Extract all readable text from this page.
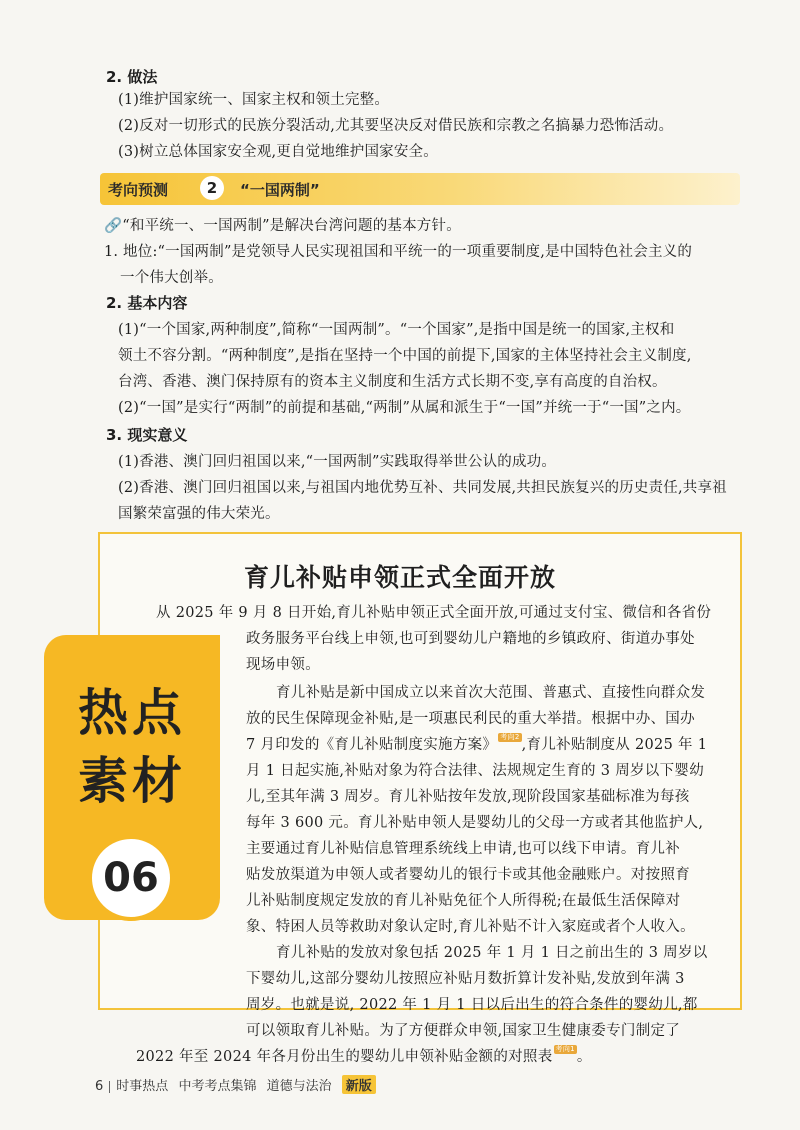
2. 做法
(1)维护国家统一、国家主权和领土完整。
(2)反对一切形式的民族分裂活动,尤其要坚决反对借民族和宗教之名搞暴力恐怖活动。
(3)树立总体国家安全观,更自觉地维护国家安全。
考向预测	2	“一国两制”
🔗“和平统一、一国两制”是解决台湾问题的基本方针。
1. 地位:“一国两制”是党领导人民实现祖国和平统一的一项重要制度,是中国特色社会主义的
一个伟大创举。
2. 基本内容
(1)“一个国家,两种制度”,简称“一国两制”。“一个国家”,是指中国是统一的国家,主权和
领土不容分割。“两种制度”,是指在坚持一个中国的前提下,国家的主体坚持社会主义制度,
台湾、香港、澳门保持原有的资本主义制度和生活方式长期不变,享有高度的自治权。
(2)“一国”是实行“两制”的前提和基础,“两制”从属和派生于“一国”并统一于“一国”之内。
3. 现实意义
(1)香港、澳门回归祖国以来,“一国两制”实践取得举世公认的成功。
(2)香港、澳门回归祖国以来,与祖国内地优势互补、共同发展,共担民族复兴的历史责任,共享祖
国繁荣富强的伟大荣光。
育儿补贴申领正式全面开放
热点
素材
06
从 2025 年 9 月 8 日开始,育儿补贴申领正式全面开放,可通过支付宝、微信和各省份
政务服务平台线上申领,也可到婴幼儿户籍地的乡镇政府、街道办事处
现场申领。
育儿补贴是新中国成立以来首次大范围、普惠式、直接性向群众发
放的民生保障现金补贴,是一项惠民利民的重大举措。根据中办、国办
7 月印发的《育儿补贴制度实施方案》 考向2 ,育儿补贴制度从 2025 年 1
月 1 日起实施,补贴对象为符合法律、法规规定生育的 3 周岁以下婴幼
儿,至其年满 3 周岁。育儿补贴按年发放,现阶段国家基础标准为每孩
每年 3 600 元。育儿补贴申领人是婴幼儿的父母一方或者其他监护人,
主要通过育儿补贴信息管理系统线上申请,也可以线下申请。育儿补
贴发放渠道为申领人或者婴幼儿的银行卡或其他金融账户。对按照育
儿补贴制度规定发放的育儿补贴免征个人所得税;在最低生活保障对
象、特困人员等救助对象认定时,育儿补贴不计入家庭或者个人收入。
育儿补贴的发放对象包括 2025 年 1 月 1 日之前出生的 3 周岁以
下婴幼儿,这部分婴幼儿按照应补贴月数折算计发补贴,发放到年满 3
周岁。也就是说, 2022 年 1 月 1 日以后出生的符合条件的婴幼儿,都
可以领取育儿补贴。为了方便群众申领,国家卫生健康委专门制定了
2022 年至 2024 年各月份出生的婴幼儿申领补贴金额的对照表 考向1 。
6 时事热点 中考考点集锦 道德与法治 新版
